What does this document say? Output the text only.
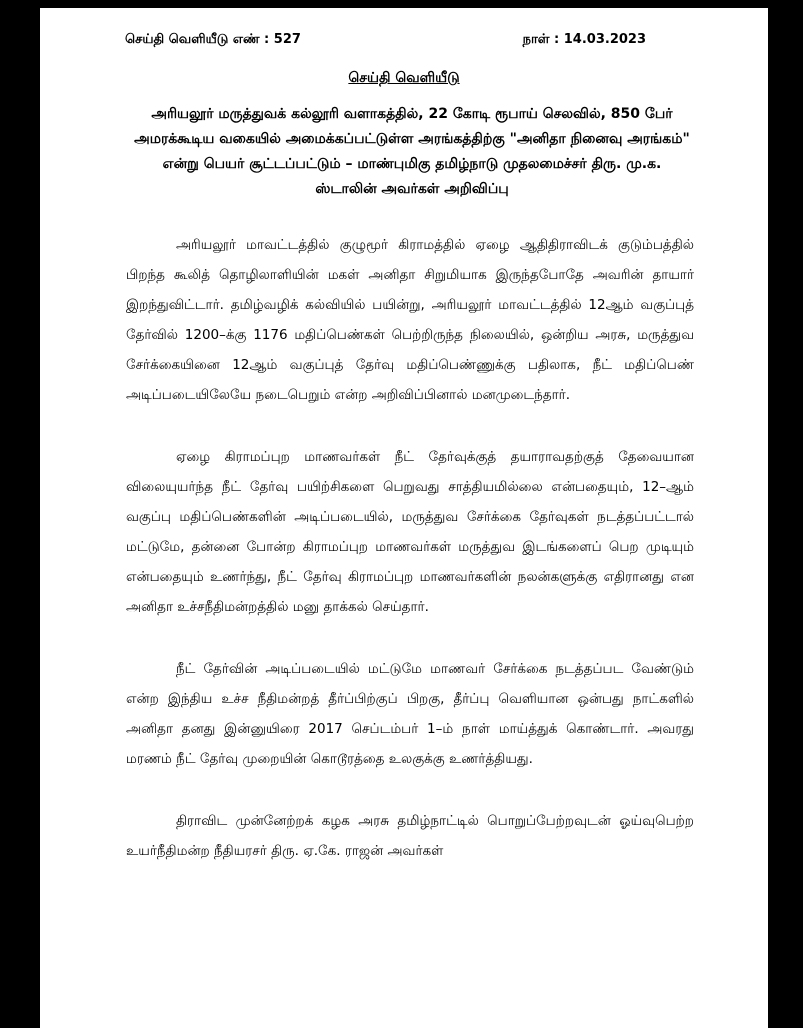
செய்தி வெளியீடு எண் : 527	நாள் : 14.03.2023
செய்தி வெளியீடு
அரியலூர் மருத்துவக் கல்லூரி வளாகத்தில், 22 கோடி ரூபாய் செலவில், 850 பேர் அமரக்கூடிய வகையில் அமைக்கப்பட்டுள்ள அரங்கத்திற்கு "அனிதா நினைவு அரங்கம்" என்று பெயர் சூட்டப்பட்டும் – மாண்புமிகு தமிழ்நாடு முதலமைச்சர் திரு. மு.க. ஸ்டாலின் அவர்கள் அறிவிப்பு

அரியலூர் மாவட்டத்தில் குழுமூர் கிராமத்தில் ஏழை ஆதிதிராவிடக் குடும்பத்தில் பிறந்த கூலித் தொழிலாளியின் மகள் அனிதா சிறுமியாக இருந்தபோதே அவரின் தாயார் இறந்துவிட்டார். தமிழ்வழிக் கல்வியில் பயின்று, அரியலூர் மாவட்டத்தில் 12ஆம் வகுப்புத் தேர்வில் 1200–க்கு 1176 மதிப்பெண்கள் பெற்றிருந்த நிலையில், ஒன்றிய அரசு, மருத்துவ சேர்க்கையினை 12ஆம் வகுப்புத் தேர்வு மதிப்பெண்ணுக்கு பதிலாக, நீட் மதிப்பெண் அடிப்படையிலேயே நடைபெறும் என்ற அறிவிப்பினால் மனமுடைந்தார்.

ஏழை கிராமப்புற மாணவர்கள் நீட் தேர்வுக்குத் தயாராவதற்குத் தேவையான விலையுயர்ந்த நீட் தேர்வு பயிற்சிகளை பெறுவது சாத்தியமில்லை என்பதையும், 12–ஆம் வகுப்பு மதிப்பெண்களின் அடிப்படையில், மருத்துவ சேர்க்கை தேர்வுகள் நடத்தப்பட்டால் மட்டுமே, தன்னை போன்ற கிராமப்புற மாணவர்கள் மருத்துவ இடங்களைப் பெற முடியும் என்பதையும் உணர்ந்து, நீட் தேர்வு கிராமப்புற மாணவர்களின் நலன்களுக்கு எதிரானது என அனிதா உச்சநீதிமன்றத்தில் மனு தாக்கல் செய்தார்.

நீட் தேர்வின் அடிப்படையில் மட்டுமே மாணவர் சேர்க்கை நடத்தப்பட வேண்டும் என்ற இந்திய உச்ச நீதிமன்றத் தீர்ப்பிற்குப் பிறகு, தீர்ப்பு வெளியான ஒன்பது நாட்களில் அனிதா தனது இன்னுயிரை 2017 செப்டம்பர் 1–ம் நாள் மாய்த்துக் கொண்டார். அவரது மரணம் நீட் தேர்வு முறையின் கொடூரத்தை உலகுக்கு உணர்த்தியது.

திராவிட முன்னேற்றக் கழக அரசு தமிழ்நாட்டில் பொறுப்பேற்றவுடன் ஓய்வுபெற்ற உயர்நீதிமன்ற நீதியரசர் திரு. ஏ.கே. ராஜன் அவர்கள்
